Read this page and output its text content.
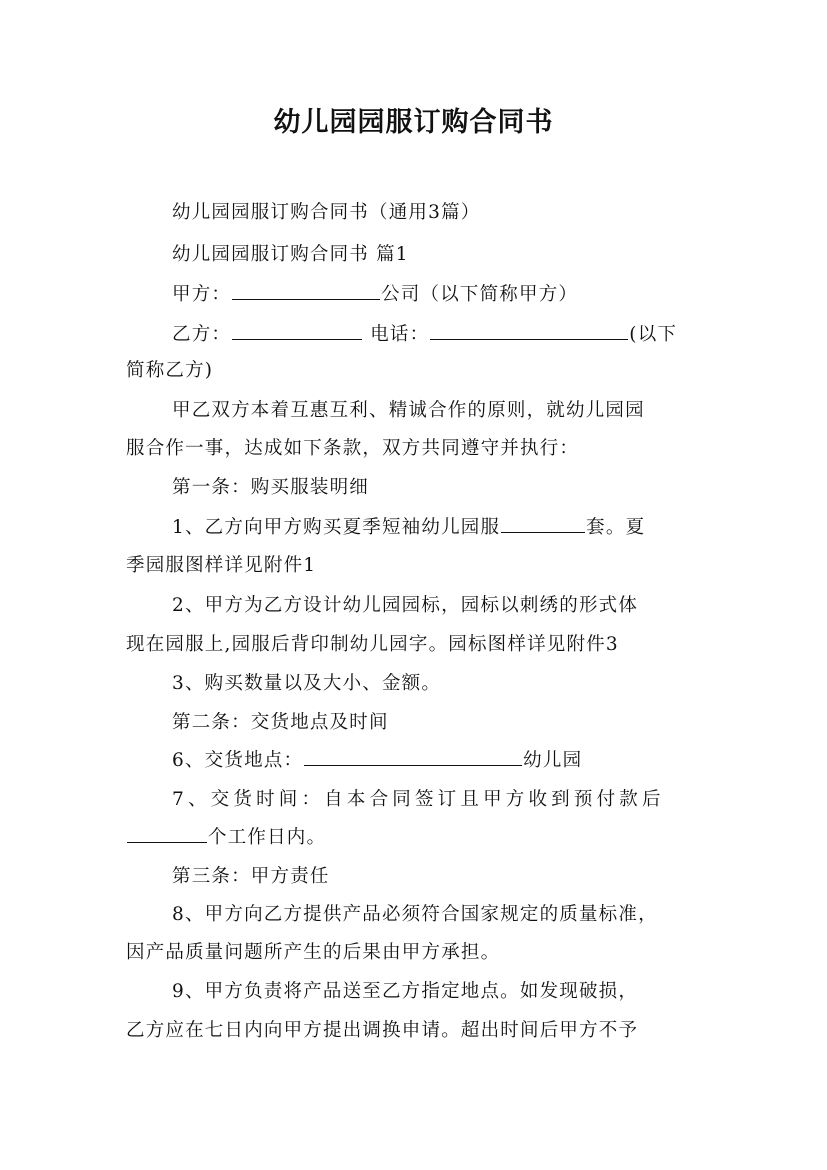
幼儿园园服订购合同书
幼儿园园服订购合同书（通用3篇）
幼儿园园服订购合同书 篇1
甲方：	公司（以下简称甲方）
乙方：	电话：	(以下
简称乙方)
甲乙双方本着互惠互利、精诚合作的原则，就幼儿园园
服合作一事，达成如下条款，双方共同遵守并执行：
第一条：购买服装明细
1、乙方向甲方购买夏季短袖幼儿园服	套。夏
季园服图样详见附件1
2、甲方为乙方设计幼儿园园标，园标以刺绣的形式体
现在园服上,园服后背印制幼儿园字。园标图样详见附件3
3、购买数量以及大小、金额。
第二条：交货地点及时间
6、交货地点：	幼儿园
7、交货时间：自本合同签订且甲方收到预付款后
个工作日内。
第三条：甲方责任
8、甲方向乙方提供产品必须符合国家规定的质量标准，
因产品质量问题所产生的后果由甲方承担。
9、甲方负责将产品送至乙方指定地点。如发现破损，
乙方应在七日内向甲方提出调换申请。超出时间后甲方不予
